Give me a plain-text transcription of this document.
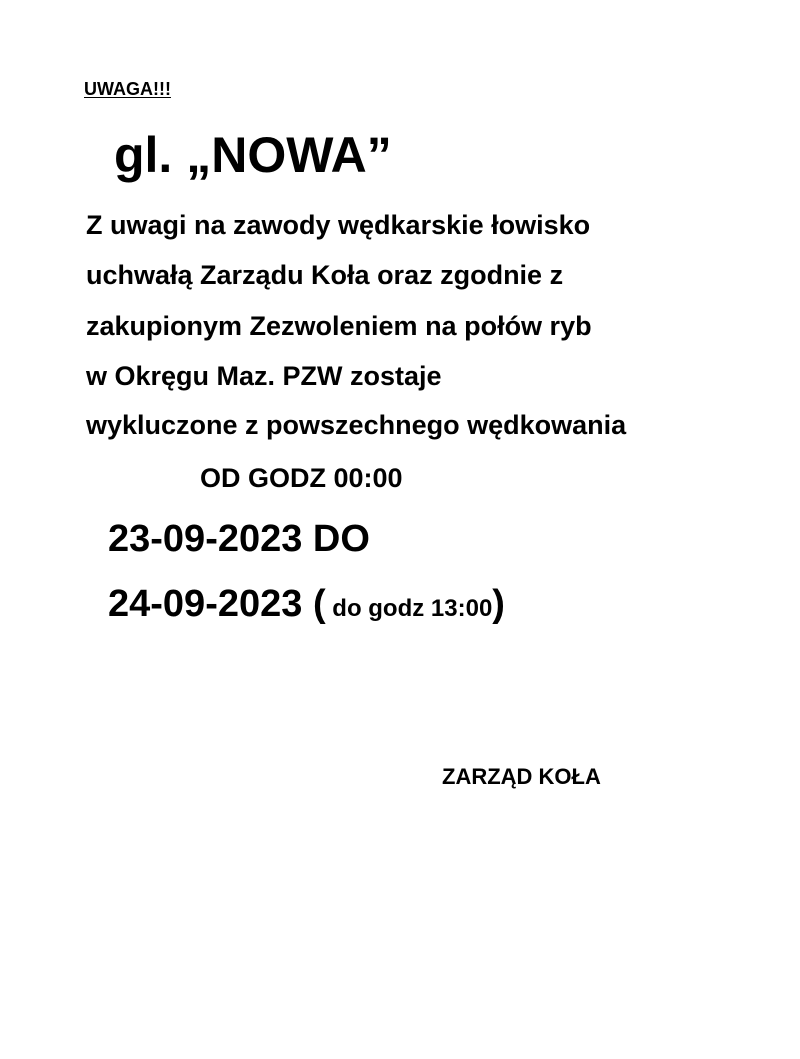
UWAGA!!!
gl. „NOWA”
Z uwagi na zawody wędkarskie łowisko
uchwałą Zarządu Koła oraz zgodnie z
zakupionym Zezwoleniem na połów ryb
w Okręgu Maz. PZW zostaje
wykluczone z powszechnego wędkowania
OD GODZ 00:00
23-09-2023 DO
24-09-2023 ( do godz 13:00)
ZARZĄD KOŁA
